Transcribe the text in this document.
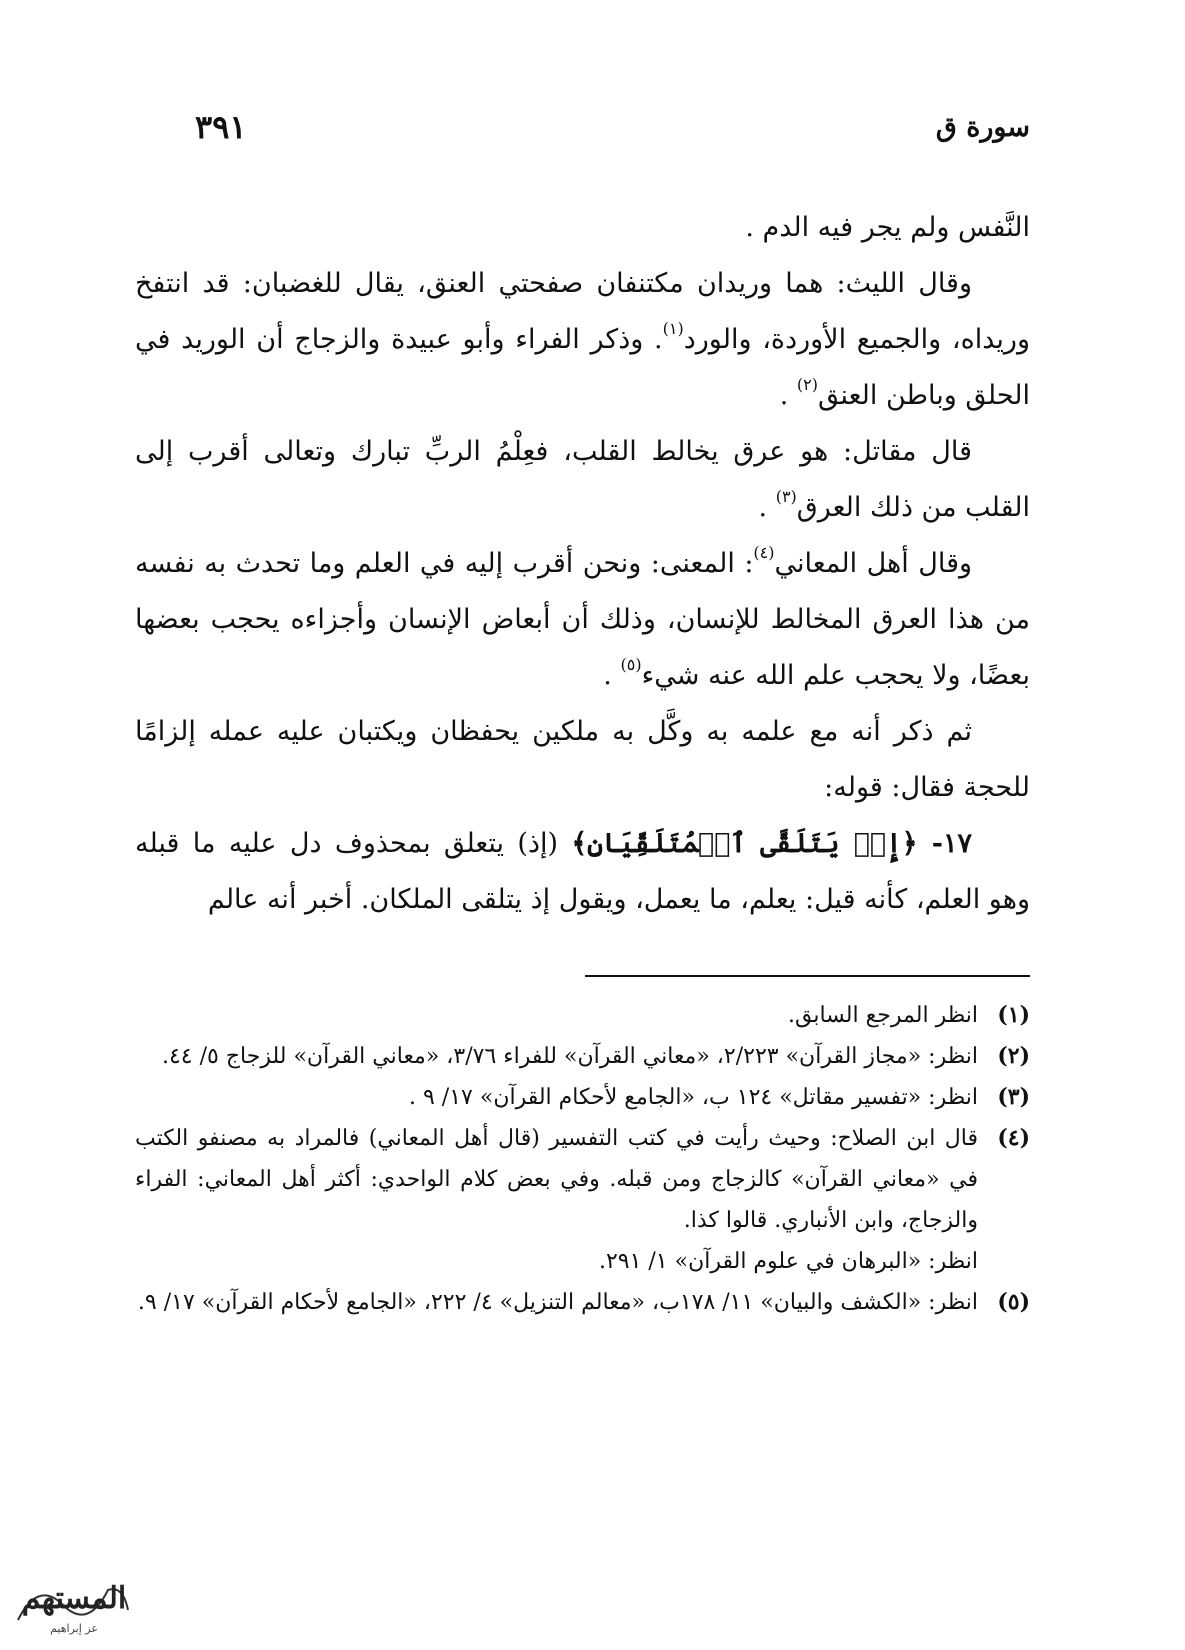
سورة ق
٣٩١

النَّفس ولم يجر فيه الدم .

وقال الليث: هما وريدان مكتنفان صفحتي العنق، يقال للغضبان: قد انتفخ وريداه، والجميع الأوردة، والورد$^{(١)}$. وذكر الفراء وأبو عبيدة والزجاج أن الوريد في الحلق وباطن العنق$^{(٢)}$ .

قال مقاتل: هو عرق يخالط القلب، فعِلْمُ الربِّ تبارك وتعالى أقرب إلى القلب من ذلك العرق$^{(٣)}$ .

وقال أهل المعاني$^{(٤)}$: المعنى: ونحن أقرب إليه في العلم وما تحدث به نفسه من هذا العرق المخالط للإنسان، وذلك أن أبعاض الإنسان وأجزاءه يحجب بعضها بعضًا، ولا يحجب علم الله عنه شيء$^{(٥)}$ .

ثم ذكر أنه مع علمه به وكَّل به ملكين يحفظان ويكتبان عليه عمله إلزامًا للحجة فقال: قوله:

١٧- ﴿إِذۡ يَتَلَقَّى ٱلۡمُتَلَقِّيَانِ﴾ (إذ) يتعلق بمحذوف دل عليه ما قبله وهو العلم، كأنه قيل: يعلم، ما يعمل، ويقول إذ يتلقى الملكان. أخبر أنه عالم

(١)
انظر المرجع السابق.
(٢)
انظر: «مجاز القرآن» ٢/٢٢٣، «معاني القرآن» للفراء ٣/٧٦، «معاني القرآن» للزجاج ٥/ ٤٤.
(٣)
انظر: «تفسير مقاتل» ١٢٤ ب، «الجامع لأحكام القرآن» ١٧/ ٩ .
(٤)
قال ابن الصلاح: وحيث رأيت في كتب التفسير (قال أهل المعاني) فالمراد به مصنفو الكتب في «معاني القرآن» كالزجاج ومن قبله. وفي بعض كلام الواحدي: أكثر أهل المعاني: الفراء والزجاج، وابن الأنباري. قالوا كذا.
انظر: «البرهان في علوم القرآن» ١/ ٢٩١.
(٥)
انظر: «الكشف والبيان» ١١/ ١٧٨ب، «معالم التنزيل» ٤/ ٢٢٢، «الجامع لأحكام القرآن» ١٧/ ٩.
المستهم
عز إبراهيم
